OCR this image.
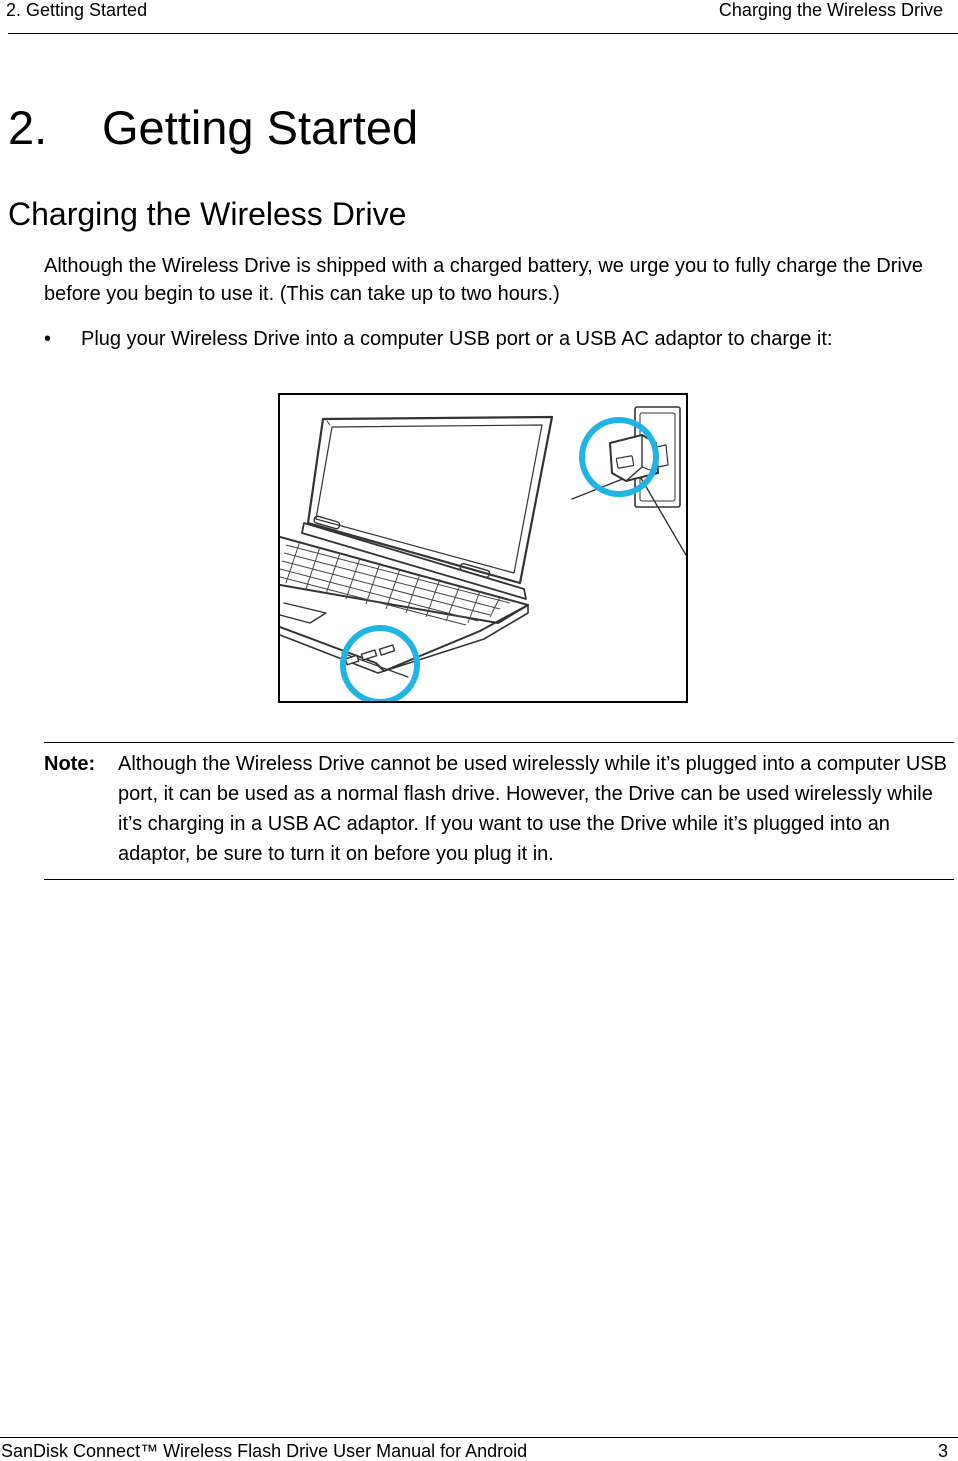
2. Getting Started	Charging the Wireless Drive
2. Getting Started
Charging the Wireless Drive
Although the Wireless Drive is shipped with a charged battery, we urge you to fully charge the Drive before you begin to use it. (This can take up to two hours.)
• Plug your Wireless Drive into a computer USB port or a USB AC adaptor to charge it:
Note: Although the Wireless Drive cannot be used wirelessly while it’s plugged into a computer USB port, it can be used as a normal flash drive. However, the Drive can be used wirelessly while it’s charging in a USB AC adaptor. If you want to use the Drive while it’s plugged into an adaptor, be sure to turn it on before you plug it in.
SanDisk Connect™ Wireless Flash Drive User Manual for Android	3
